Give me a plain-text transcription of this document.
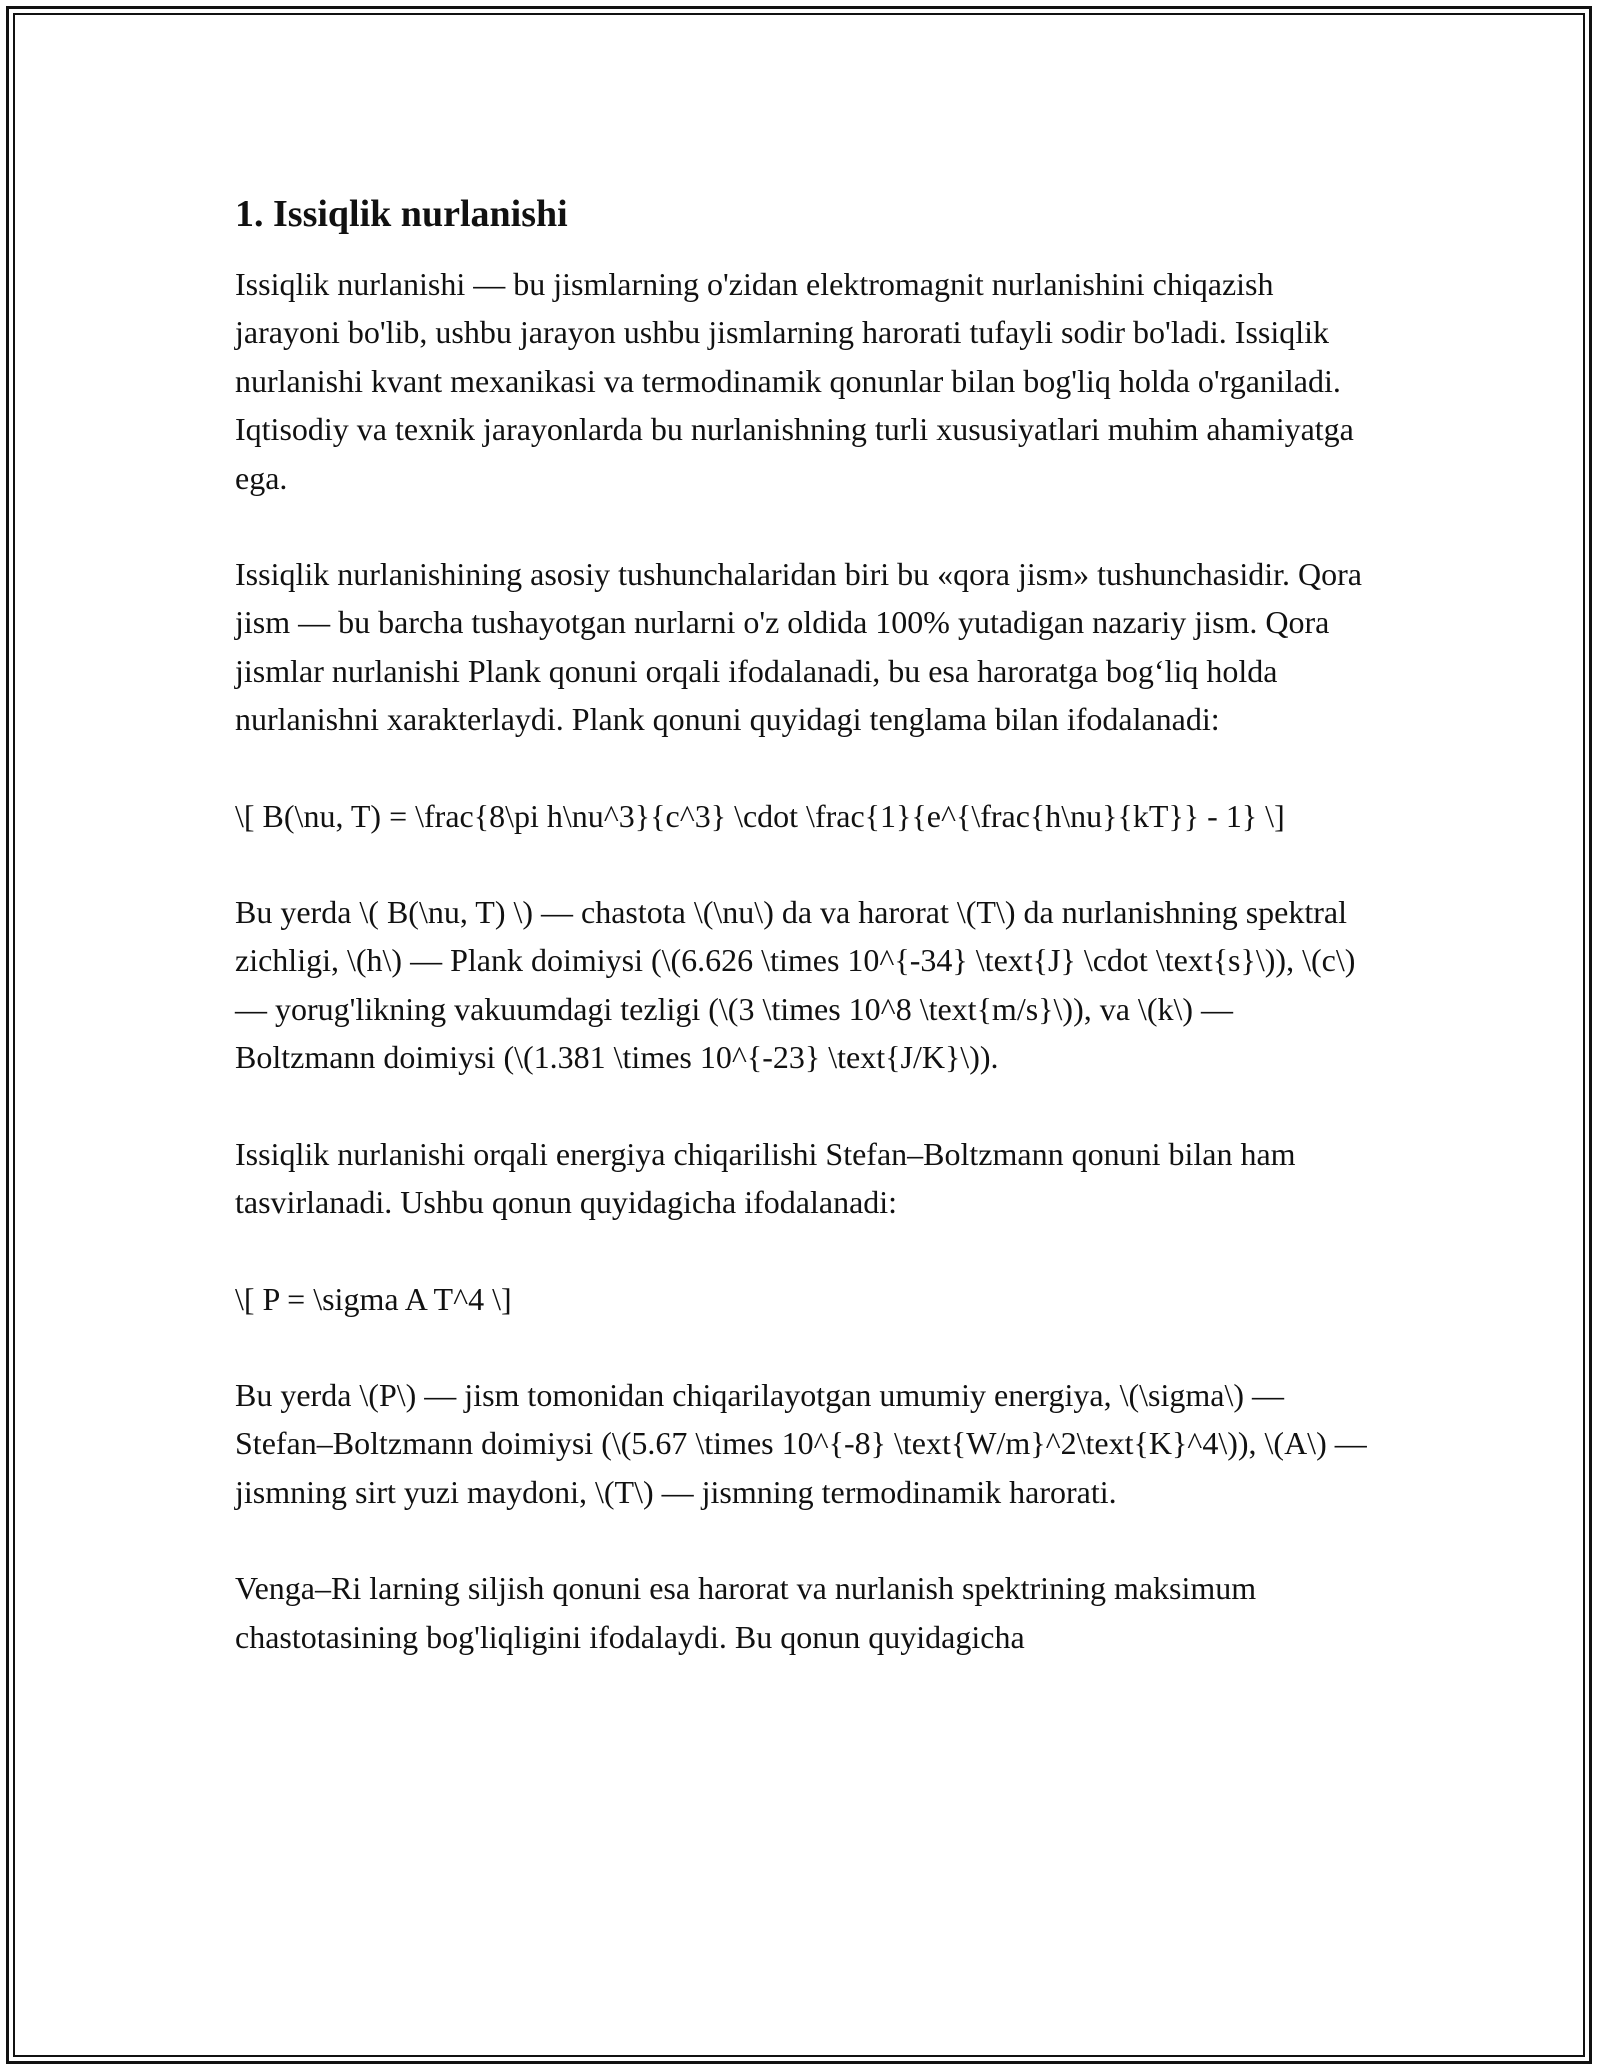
1. Issiqlik nurlanishi

Issiqlik nurlanishi — bu jismlarning o'zidan elektromagnit nurlanishini chiqazish jarayoni bo'lib, ushbu jarayon ushbu jismlarning harorati tufayli sodir bo'ladi. Issiqlik nurlanishi kvant mexanikasi va termodinamik qonunlar bilan bog'liq holda o'rganiladi. Iqtisodiy va texnik jarayonlarda bu nurlanishning turli xususiyatlari muhim ahamiyatga ega.

Issiqlik nurlanishining asosiy tushunchalaridan biri bu «qora jism» tushunchasidir. Qora jism — bu barcha tushayotgan nurlarni o'z oldida 100% yutadigan nazariy jism. Qora jismlar nurlanishi Plank qonuni orqali ifodalanadi, bu esa haroratga bog‘liq holda nurlanishni xarakterlaydi. Plank qonuni quyidagi tenglama bilan ifodalanadi:

\[ B(\nu, T) = \frac{8\pi h\nu^3}{c^3} \cdot \frac{1}{e^{\frac{h\nu}{kT}} - 1} \]

Bu yerda \( B(\nu, T) \) — chastota \(\nu\) da va harorat \(T\) da nurlanishning spektral zichligi, \(h\) — Plank doimiysi (\(6.626 \times 10^{-34} \text{J} \cdot \text{s}\)), \(c\) — yorug'likning vakuumdagi tezligi (\(3 \times 10^8 \text{m/s}\)), va \(k\) — Boltzmann doimiysi (\(1.381 \times 10^{-23} \text{J/K}\)).

Issiqlik nurlanishi orqali energiya chiqarilishi Stefan–Boltzmann qonuni bilan ham tasvirlanadi. Ushbu qonun quyidagicha ifodalanadi:

\[ P = \sigma A T^4 \]

Bu yerda \(P\) — jism tomonidan chiqarilayotgan umumiy energiya, \(\sigma\) — Stefan–Boltzmann doimiysi (\(5.67 \times 10^{-8} \text{W/m}^2\text{K}^4\)), \(A\) — jismning sirt yuzi maydoni, \(T\) — jismning termodinamik harorati.

Venga–Ri larning siljish qonuni esa harorat va nurlanish spektrining maksimum chastotasining bog'liqligini ifodalaydi. Bu qonun quyidagicha
